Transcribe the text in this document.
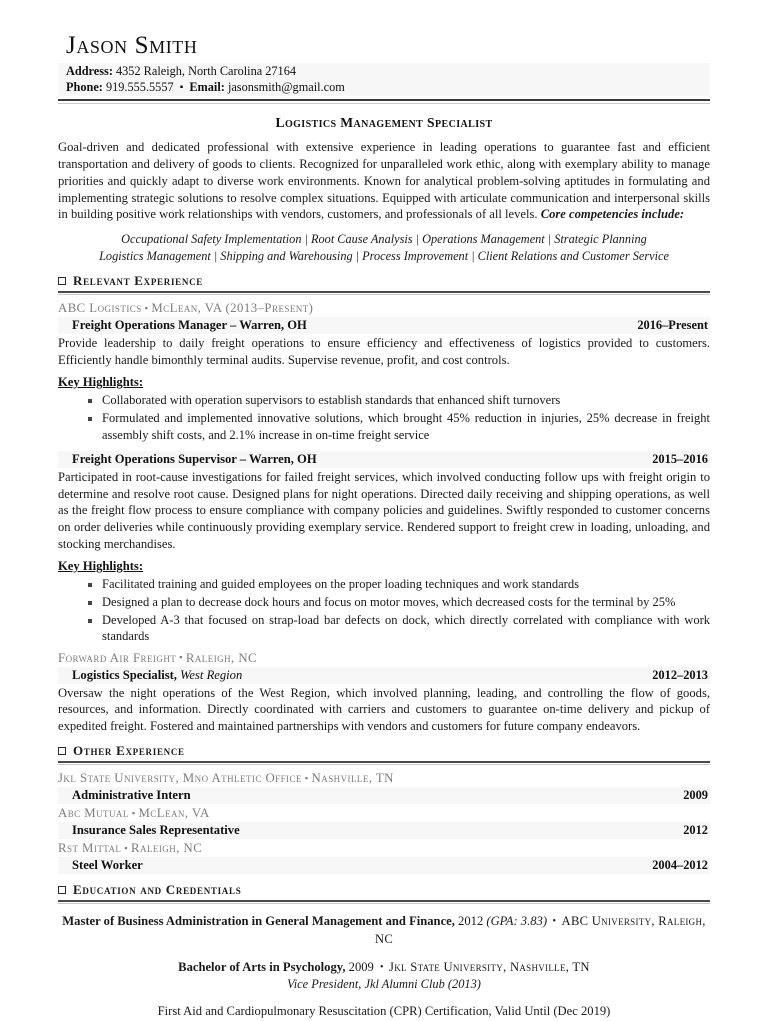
Jason Smith
Address: 4352 Raleigh, North Carolina 27164
Phone: 919.555.5557 ▪ Email: jasonsmith@gmail.com
Logistics Management Specialist

Goal-driven and dedicated professional with extensive experience in leading operations to guarantee fast and efficient transportation and delivery of goods to clients. Recognized for unparalleled work ethic, along with exemplary ability to manage priorities and quickly adapt to diverse work environments. Known for analytical problem-solving aptitudes in formulating and implementing strategic solutions to resolve complex situations. Equipped with articulate communication and interpersonal skills in building positive work relationships with vendors, customers, and professionals of all levels. Core competencies include:

Occupational Safety Implementation | Root Cause Analysis | Operations Management | Strategic Planning
Logistics Management | Shipping and Warehousing | Process Improvement | Client Relations and Customer Service
Relevant Experience
ABC Logistics ▪ McLean, VA (2013–Present)
Freight Operations Manager – Warren, OH	2016–Present

Provide leadership to daily freight operations to ensure efficiency and effectiveness of logistics provided to customers. Efficiently handle bimonthly terminal audits. Supervise revenue, profit, and cost controls.

Key Highlights:
Collaborated with operation supervisors to establish standards that enhanced shift turnovers
Formulated and implemented innovative solutions, which brought 45% reduction in injuries, 25% decrease in freight assembly shift costs, and 2.1% increase in on-time freight service
Freight Operations Supervisor – Warren, OH	2015–2016

Participated in root-cause investigations for failed freight services, which involved conducting follow ups with freight origin to determine and resolve root cause. Designed plans for night operations. Directed daily receiving and shipping operations, as well as the freight flow process to ensure compliance with company policies and guidelines. Swiftly responded to customer concerns on order deliveries while continuously providing exemplary service. Rendered support to freight crew in loading, unloading, and stocking merchandises.

Key Highlights:
Facilitated training and guided employees on the proper loading techniques and work standards
Designed a plan to decrease dock hours and focus on motor moves, which decreased costs for the terminal by 25%
Developed A-3 that focused on strap-load bar defects on dock, which directly correlated with compliance with work standards
Forward Air Freight ▪ Raleigh, NC
Logistics Specialist, West Region	2012–2013

Oversaw the night operations of the West Region, which involved planning, leading, and controlling the flow of goods, resources, and information. Directly coordinated with carriers and customers to guarantee on-time delivery and pickup of expedited freight. Fostered and maintained partnerships with vendors and customers for future company endeavors.

Other Experience
Jkl State University, Mno Athletic Office ▪ Nashville, TN
Administrative Intern	2009
Abc Mutual ▪ McLean, VA
Insurance Sales Representative	2012
Rst Mittal ▪ Raleigh, NC
Steel Worker	2004–2012
Education and Credentials
Master of Business Administration in General Management and Finance, 2012 (GPA: 3.83) • ABC University, Raleigh, NC
Bachelor of Arts in Psychology, 2009 • Jkl State University, Nashville, TN
Vice President, Jkl Alumni Club (2013)
First Aid and Cardiopulmonary Resuscitation (CPR) Certification, Valid Until (Dec 2019)
